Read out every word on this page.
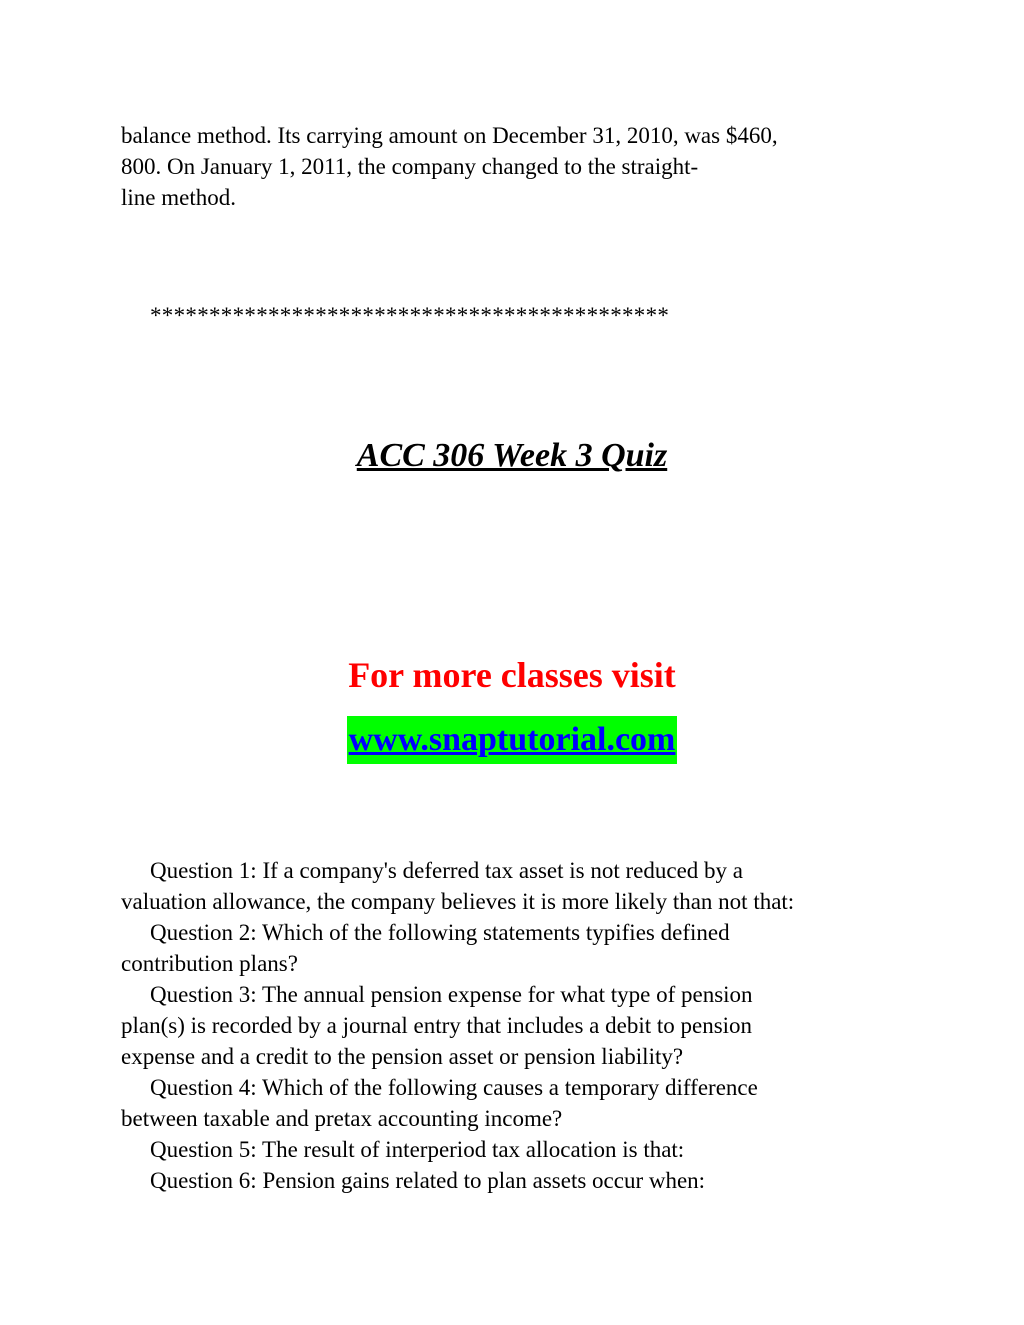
balance method. Its carrying amount on December 31, 2010, was $460,
800. On January 1, 2011, the company changed to the straight-
line method.
********************************************
ACC 306 Week 3 Quiz
For more classes visit
www.snaptutorial.com
Question 1: If a company's deferred tax asset is not reduced by a
valuation allowance, the company believes it is more likely than not that:
Question 2: Which of the following statements typifies defined
contribution plans?
Question 3: The annual pension expense for what type of pension
plan(s) is recorded by a journal entry that includes a debit to pension
expense and a credit to the pension asset or pension liability?
Question 4: Which of the following causes a temporary difference
between taxable and pretax accounting income?
Question 5: The result of interperiod tax allocation is that:
Question 6: Pension gains related to plan assets occur when:
